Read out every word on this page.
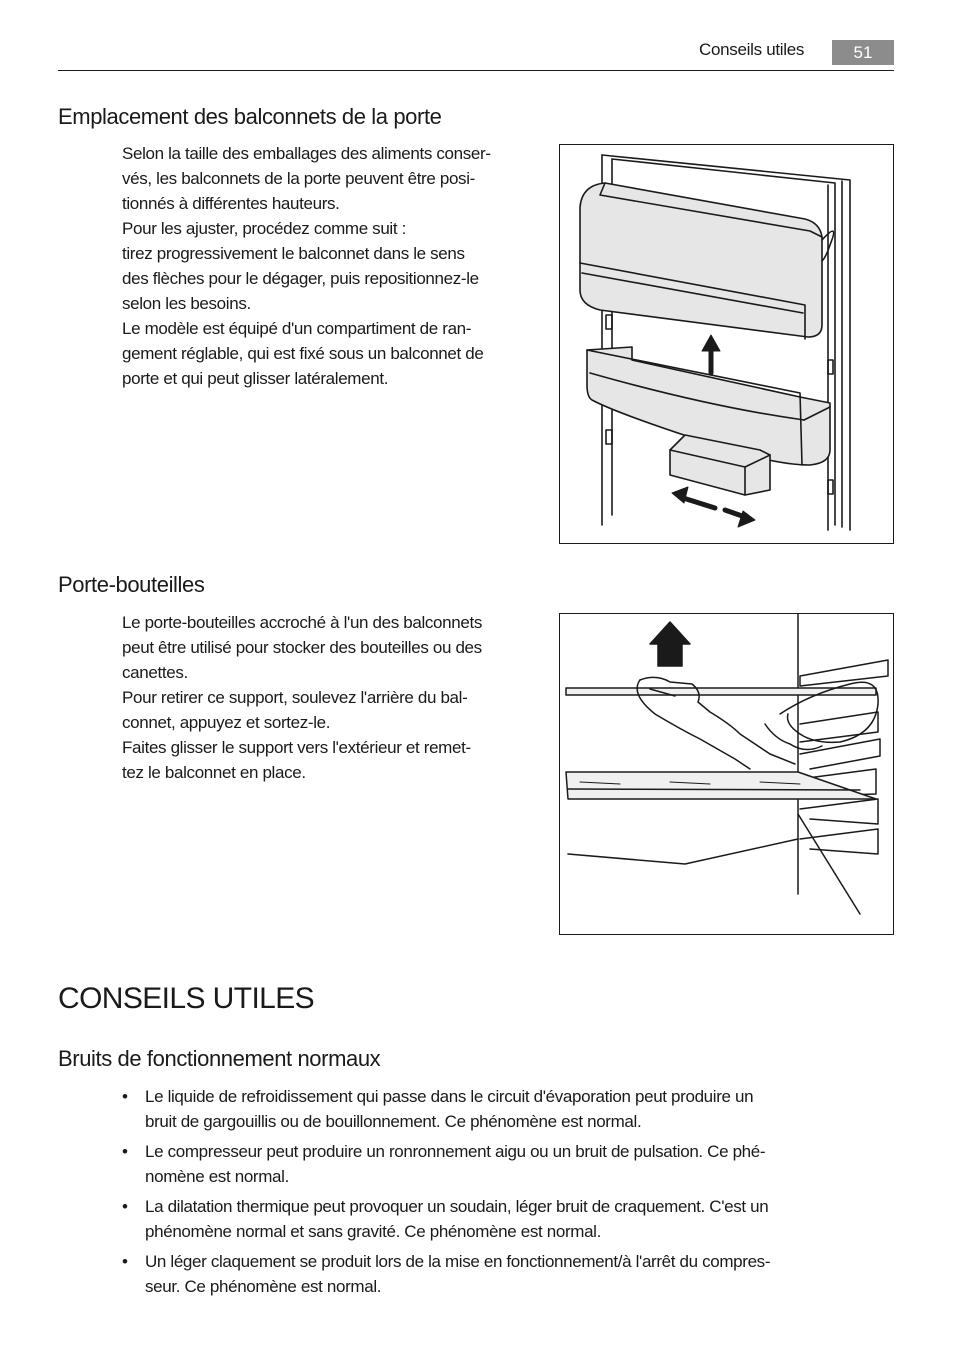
Conseils utiles	51
Emplacement des balconnets de la porte

Selon la taille des emballages des aliments conser-

vés, les balconnets de la porte peuvent être posi-

tionnés à différentes hauteurs.

Pour les ajuster, procédez comme suit :

tirez progressivement le balconnet dans le sens

des flèches pour le dégager, puis repositionnez-le

selon les besoins.

Le modèle est équipé d'un compartiment de ran-

gement réglable, qui est fixé sous un balconnet de

porte et qui peut glisser latéralement.

Porte-bouteilles

Le porte-bouteilles accroché à l'un des balconnets

peut être utilisé pour stocker des bouteilles ou des

canettes.

Pour retirer ce support, soulevez l'arrière du bal-

connet, appuyez et sortez-le.

Faites glisser le support vers l'extérieur et remet-

tez le balconnet en place.

CONSEILS UTILES
Bruits de fonctionnement normaux
• Le liquide de refroidissement qui passe dans le circuit d'évaporation peut produire un
bruit de gargouillis ou de bouillonnement. Ce phénomène est normal.
• Le compresseur peut produire un ronronnement aigu ou un bruit de pulsation. Ce phé-
nomène est normal.
• La dilatation thermique peut provoquer un soudain, léger bruit de craquement. C'est un
phénomène normal et sans gravité. Ce phénomène est normal.
• Un léger claquement se produit lors de la mise en fonctionnement/à l'arrêt du compres-
seur. Ce phénomène est normal.
